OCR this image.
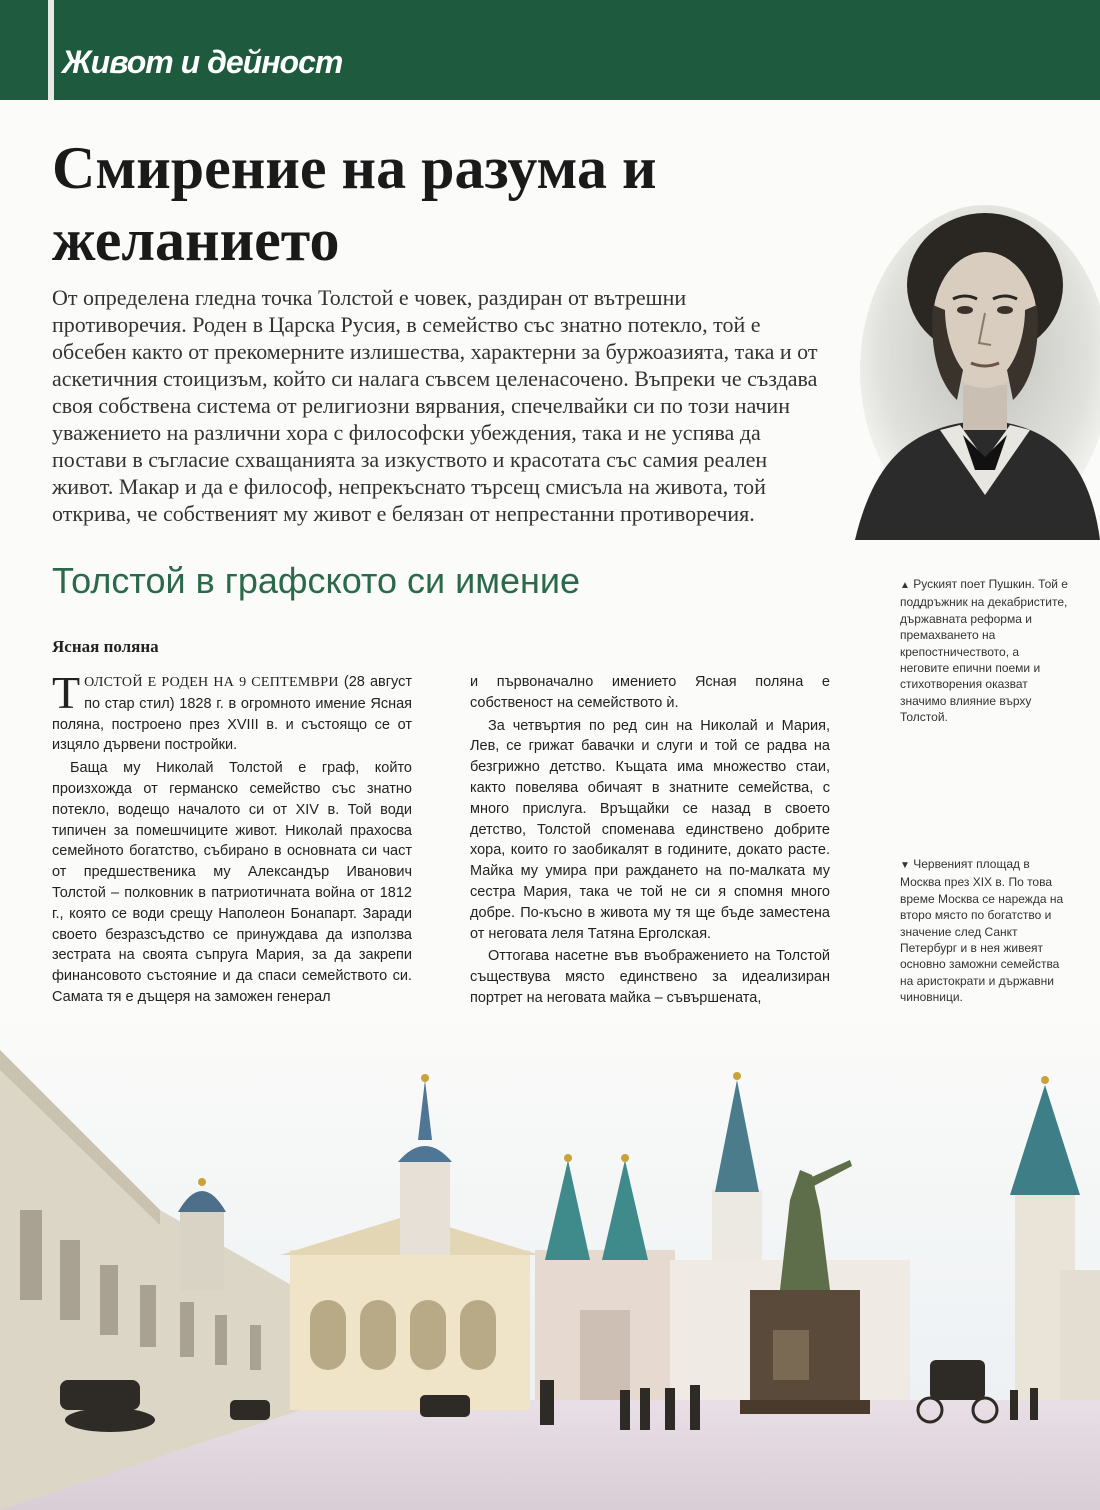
Живот и дейност
Смирение на разума и
желанието
От определена гледна точка Толстой е човек, раздиран от вътрешни противоречия. Роден в Царска Русия, в семейство със знатно потекло, той е обсебен както от прекомерните излишества, характерни за буржоазията, така и от аскетичния стоицизъм, който си налага съвсем целенасочено. Въпреки че създава своя собствена система от религиозни вярвания, спечелвайки си по този начин уважението на различни хора с философски убеждения, така и не успява да постави в съгласие схващанията за изкуството и красотата със самия реален живот. Макар и да е философ, непрекъснато търсещ смисъла на живота, той открива, че собственият му живот е белязан от непрестанни противоречия.
Толстой в графското си имение
Ясная поляна

ТОЛСТОЙ Е РОДЕН НА 9 СЕПТЕМВРИ (28 август по стар стил) 1828 г. в огромното имение Ясная поляна, построено през XVIII в. и състоящо се от изцяло дървени постройки.

Баща му Николай Толстой е граф, който произхожда от германско семейство със знатно потекло, водещо началото си от XIV в. Той води типичен за помешчиците живот. Николай прахосва семейното богатство, събирано в основната си част от предшественика му Александър Иванович Толстой – полковник в патриотичната война от 1812 г., която се води срещу Наполеон Бонапарт. Заради своето безразсъдство се принуждава да използва зестрата на своята съпруга Мария, за да закрепи финансовото състояние и да спаси семейството си. Самата тя е дъщеря на заможен генерал

и първоначално имението Ясная поляна е собственост на семейството ѝ.

За четвъртия по ред син на Николай и Мария, Лев, се грижат бавачки и слуги и той се радва на безгрижно детство. Къщата има множество стаи, както повелява обичаят в знатните семейства, с много прислуга. Връщайки се назад в своето детство, Толстой споменава единствено добрите хора, които го заобикалят в годините, докато расте. Майка му умира при раждането на по-малката му сестра Мария, така че той не си я спомня много добре. По-късно в живота му тя ще бъде заместена от неговата леля Татяна Ерголская.

Оттогава насетне във въображението на Толстой съществува място единствено за идеализиран портрет на неговата майка – съвършената,

▲ Руският поет Пушкин. Той е поддръжник на декабристите, държавната реформа и премахването на крепостничеството, а неговите епични поеми и стихотворения оказват значимо влияние върху Толстой.
▼ Червеният площад в Москва през XIX в. По това време Москва се нарежда на второ място по богатство и значение след Санкт Петербург и в нея живеят основно заможни семейства на аристократи и държавни чиновници.
